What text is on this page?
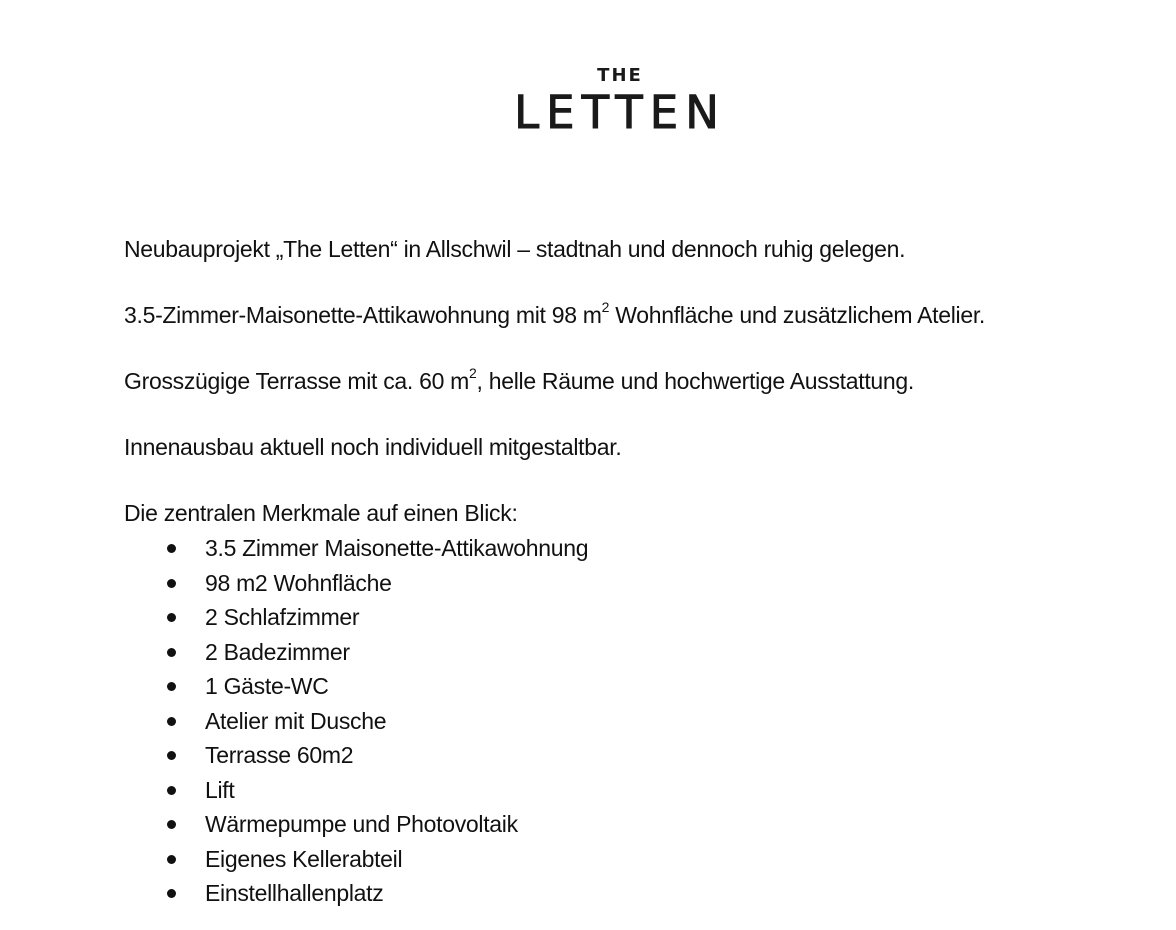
THE
LETTEN

Neubauprojekt „The Letten“ in Allschwil – stadtnah und dennoch ruhig gelegen.

3.5-Zimmer-Maisonette-Attikawohnung mit 98 $m^2$ Wohnfläche und zusätzlichem Atelier.

Grosszügige Terrasse mit ca. 60 $m^2$, helle Räume und hochwertige Ausstattung.

Innenausbau aktuell noch individuell mitgestaltbar.

Die zentralen Merkmale auf einen Blick:

3.5 Zimmer Maisonette-Attikawohnung
98 m2 Wohnfläche
2 Schlafzimmer
2 Badezimmer
1 Gäste-WC
Atelier mit Dusche
Terrasse 60m2
Lift
Wärmepumpe und Photovoltaik
Eigenes Kellerabteil
Einstellhallenplatz
